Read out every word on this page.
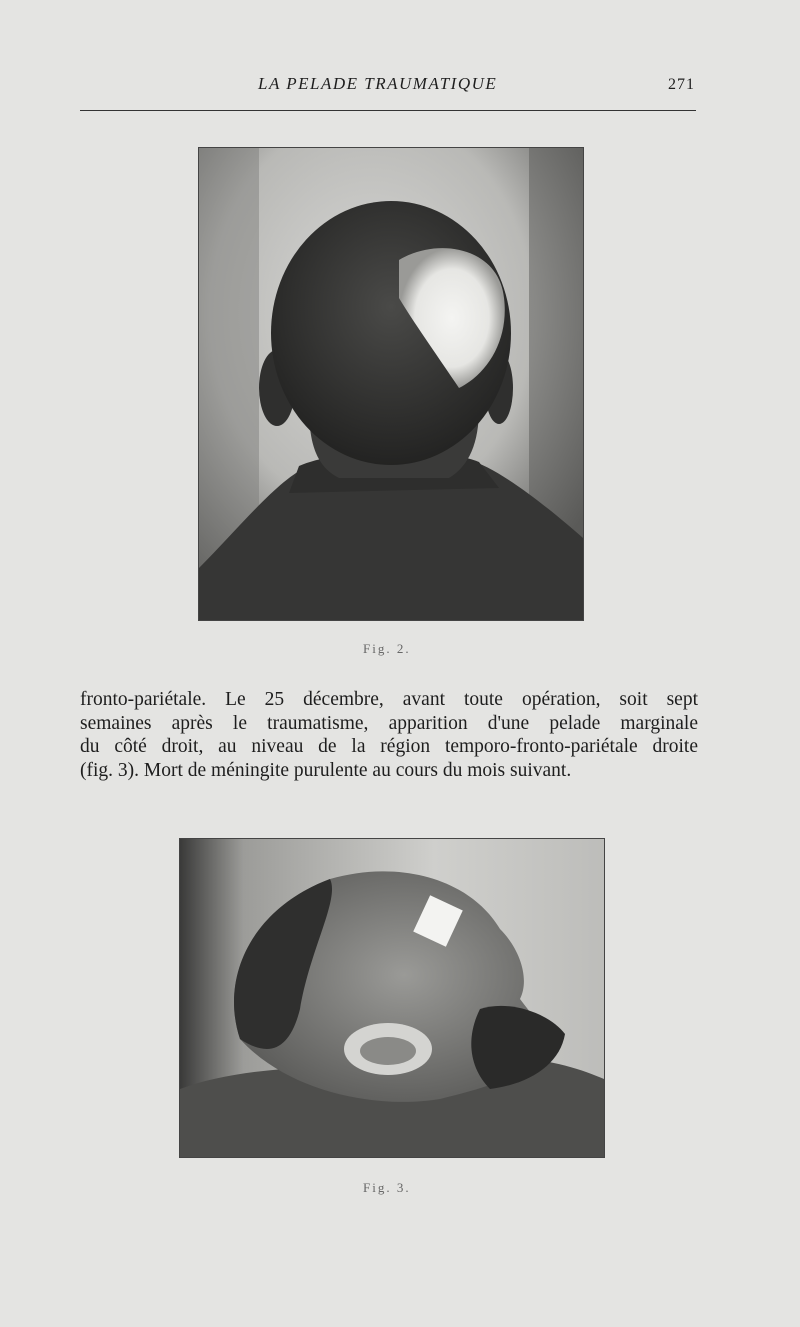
LA PELADE TRAUMATIQUE	271
Fig. 2.
fronto-pariétale. Le 25 décembre, avant toute opération, soit sept
semaines après le traumatisme, apparition d'une pelade marginale
du côté droit, au niveau de la région temporo-fronto-pariétale droite
(fig. 3). Mort de méningite purulente au cours du mois suivant.
Fig. 3.
